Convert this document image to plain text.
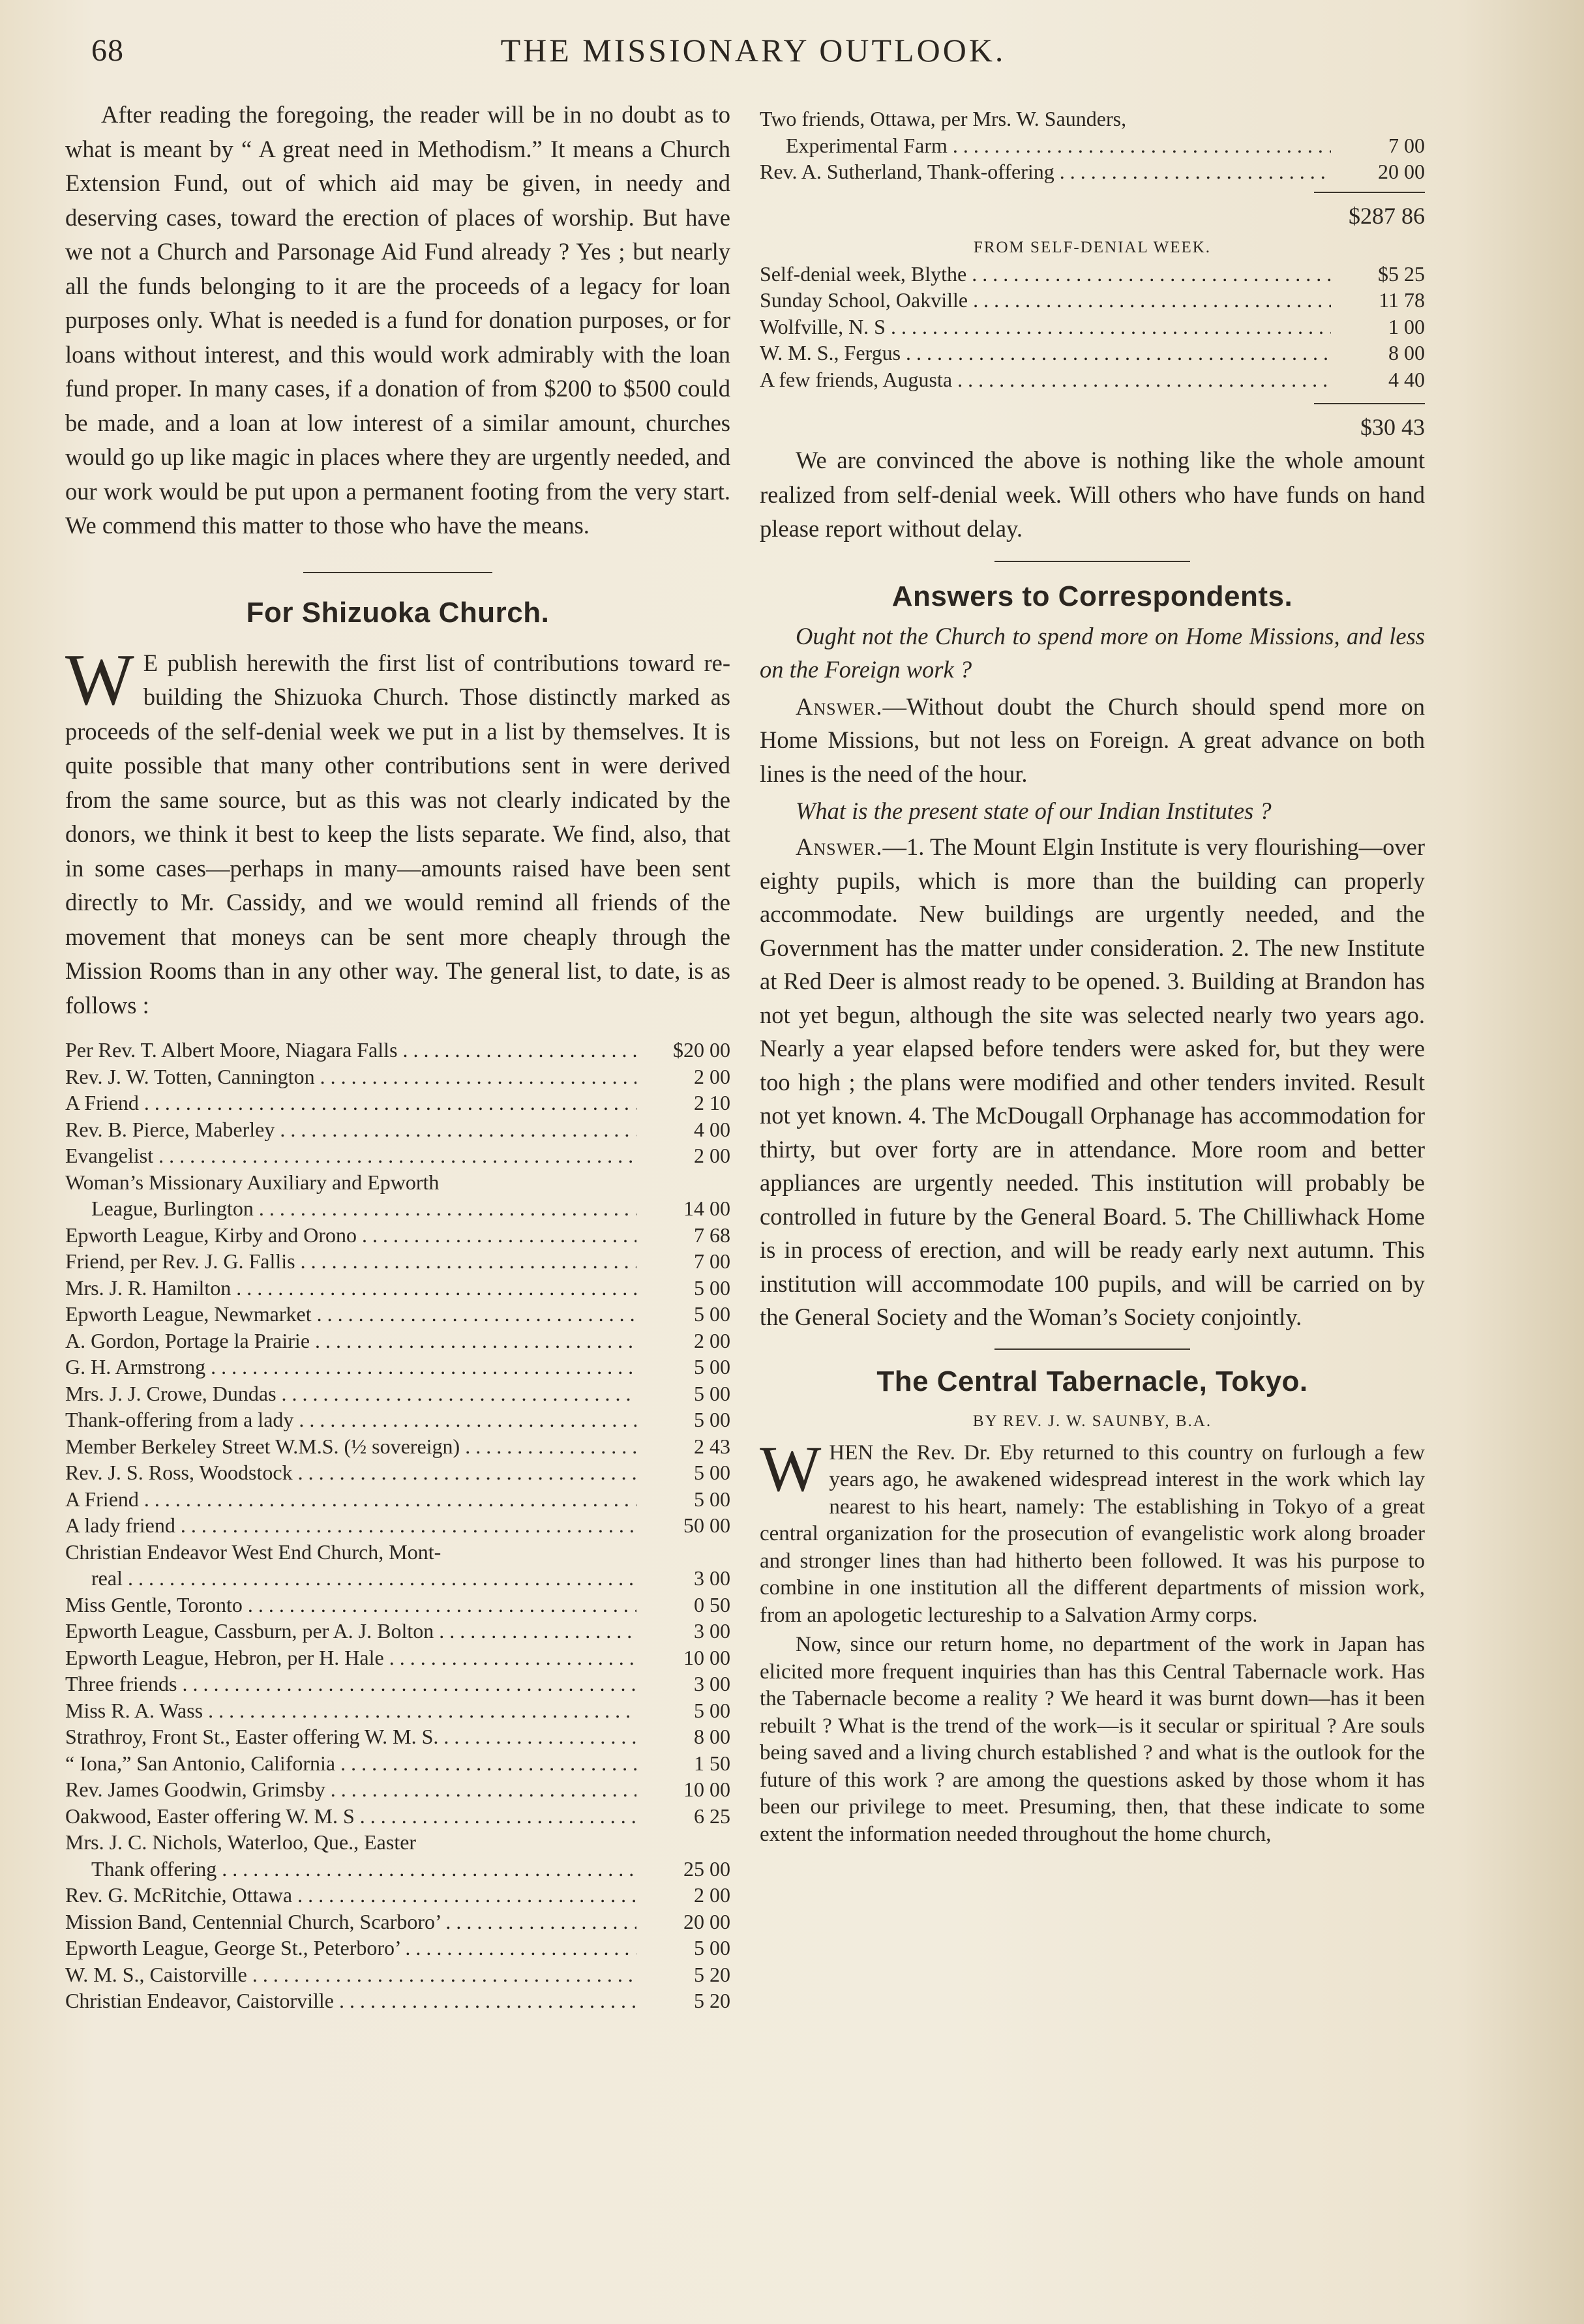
68	THE MISSIONARY OUTLOOK.

After reading the foregoing, the reader will be in no doubt as to what is meant by “ A great need in Methodism.” It means a Church Extension Fund, out of which aid may be given, in needy and deserving cases, toward the erection of places of worship. But have we not a Church and Parsonage Aid Fund already ? Yes ; but nearly all the funds belonging to it are the proceeds of a legacy for loan purposes only. What is needed is a fund for donation purposes, or for loans without interest, and this would work admirably with the loan fund proper. In many cases, if a donation of from $200 to $500 could be made, and a loan at low interest of a similar amount, churches would go up like magic in places where they are urgently needed, and our work would be put upon a permanent footing from the very start. We commend this matter to those who have the means.

For Shizuoka Church.

W E publish herewith the first list of contributions toward re-building the Shizuoka Church. Those distinctly marked as proceeds of the self-denial week we put in a list by themselves. It is quite possible that many other contributions sent in were derived from the same source, but as this was not clearly indicated by the donors, we think it best to keep the lists separate. We find, also, that in some cases—perhaps in many—amounts raised have been sent directly to Mr. Cassidy, and we would remind all friends of the movement that moneys can be sent more cheaply through the Mission Rooms than in any other way. The general list, to date, is as follows :

Per Rev. T. Albert Moore, Niagara Falls . . .	$20 00
Rev. J. W. Totten, Cannington . . .	2 00
A Friend . . .	2 10
Rev. B. Pierce, Maberley . . .	4 00
Evangelist . . .	2 00
Woman’s Missionary Auxiliary and Epworth
League, Burlington . . .	14 00
Epworth League, Kirby and Orono . . .	7 68
Friend, per Rev. J. G. Fallis . . .	7 00
Mrs. J. R. Hamilton . . .	5 00
Epworth League, Newmarket . . .	5 00
A. Gordon, Portage la Prairie . . .	2 00
G. H. Armstrong . . .	5 00
Mrs. J. J. Crowe, Dundas . . .	5 00
Thank-offering from a lady . . .	5 00
Member Berkeley Street W.M.S. (½ sovereign) . . .	2 43
Rev. J. S. Ross, Woodstock . . .	5 00
A Friend . . .	5 00
A lady friend . . .	50 00
Christian Endeavor West End Church, Mont-
real . . .	3 00
Miss Gentle, Toronto . . .	0 50
Epworth League, Cassburn, per A. J. Bolton . . .	3 00
Epworth League, Hebron, per H. Hale . . .	10 00
Three friends . . .	3 00
Miss R. A. Wass . . .	5 00
Strathroy, Front St., Easter offering W. M. S. . . .	8 00
“ Iona,” San Antonio, California . . .	1 50
Rev. James Goodwin, Grimsby . . .	10 00
Oakwood, Easter offering W. M. S . . .	6 25
Mrs. J. C. Nichols, Waterloo, Que., Easter
Thank offering . . .	25 00
Rev. G. McRitchie, Ottawa . . .	2 00
Mission Band, Centennial Church, Scarboro’ . . .	20 00
Epworth League, George St., Peterboro’ . . .	5 00
W. M. S., Caistorville . . .	5 20
Christian Endeavor, Caistorville . . .	5 20
Two friends, Ottawa, per Mrs. W. Saunders,
Experimental Farm . . .	7 00
Rev. A. Sutherland, Thank-offering . . .	20 00
$287 86
FROM SELF-DENIAL WEEK.
Self-denial week, Blythe . . .	$5 25
Sunday School, Oakville . . .	11 78
Wolfville, N. S . . .	1 00
W. M. S., Fergus . . .	8 00
A few friends, Augusta . . .	4 40
$30 43

We are convinced the above is nothing like the whole amount realized from self-denial week. Will others who have funds on hand please report without delay.

Answers to Correspondents.

Ought not the Church to spend more on Home Missions, and less on the Foreign work ?

Answer.—Without doubt the Church should spend more on Home Missions, but not less on Foreign. A great advance on both lines is the need of the hour.

What is the present state of our Indian Institutes ?

Answer.—1. The Mount Elgin Institute is very flourishing—over eighty pupils, which is more than the building can properly accommodate. New buildings are urgently needed, and the Government has the matter under consideration. 2. The new Institute at Red Deer is almost ready to be opened. 3. Building at Brandon has not yet begun, although the site was selected nearly two years ago. Nearly a year elapsed before tenders were asked for, but they were too high ; the plans were modified and other tenders invited. Result not yet known. 4. The McDougall Orphanage has accommodation for thirty, but over forty are in attendance. More room and better appliances are urgently needed. This institution will probably be controlled in future by the General Board. 5. The Chilliwhack Home is in process of erection, and will be ready early next autumn. This institution will accommodate 100 pupils, and will be carried on by the General Society and the Woman’s Society conjointly.

The Central Tabernacle, Tokyo.
BY REV. J. W. SAUNBY, B.A.

WHEN the Rev. Dr. Eby returned to this country on furlough a few years ago, he awakened widespread interest in the work which lay nearest to his heart, namely: The establishing in Tokyo of a great central organization for the prosecution of evangelistic work along broader and stronger lines than had hitherto been followed. It was his purpose to combine in one institution all the different departments of mission work, from an apologetic lectureship to a Salvation Army corps.

Now, since our return home, no department of the work in Japan has elicited more frequent inquiries than has this Central Tabernacle work. Has the Tabernacle become a reality ? We heard it was burnt down—has it been rebuilt ? What is the trend of the work—is it secular or spiritual ? Are souls being saved and a living church established ? and what is the outlook for the future of this work ? are among the questions asked by those whom it has been our privilege to meet. Presuming, then, that these indicate to some extent the information needed throughout the home church,
